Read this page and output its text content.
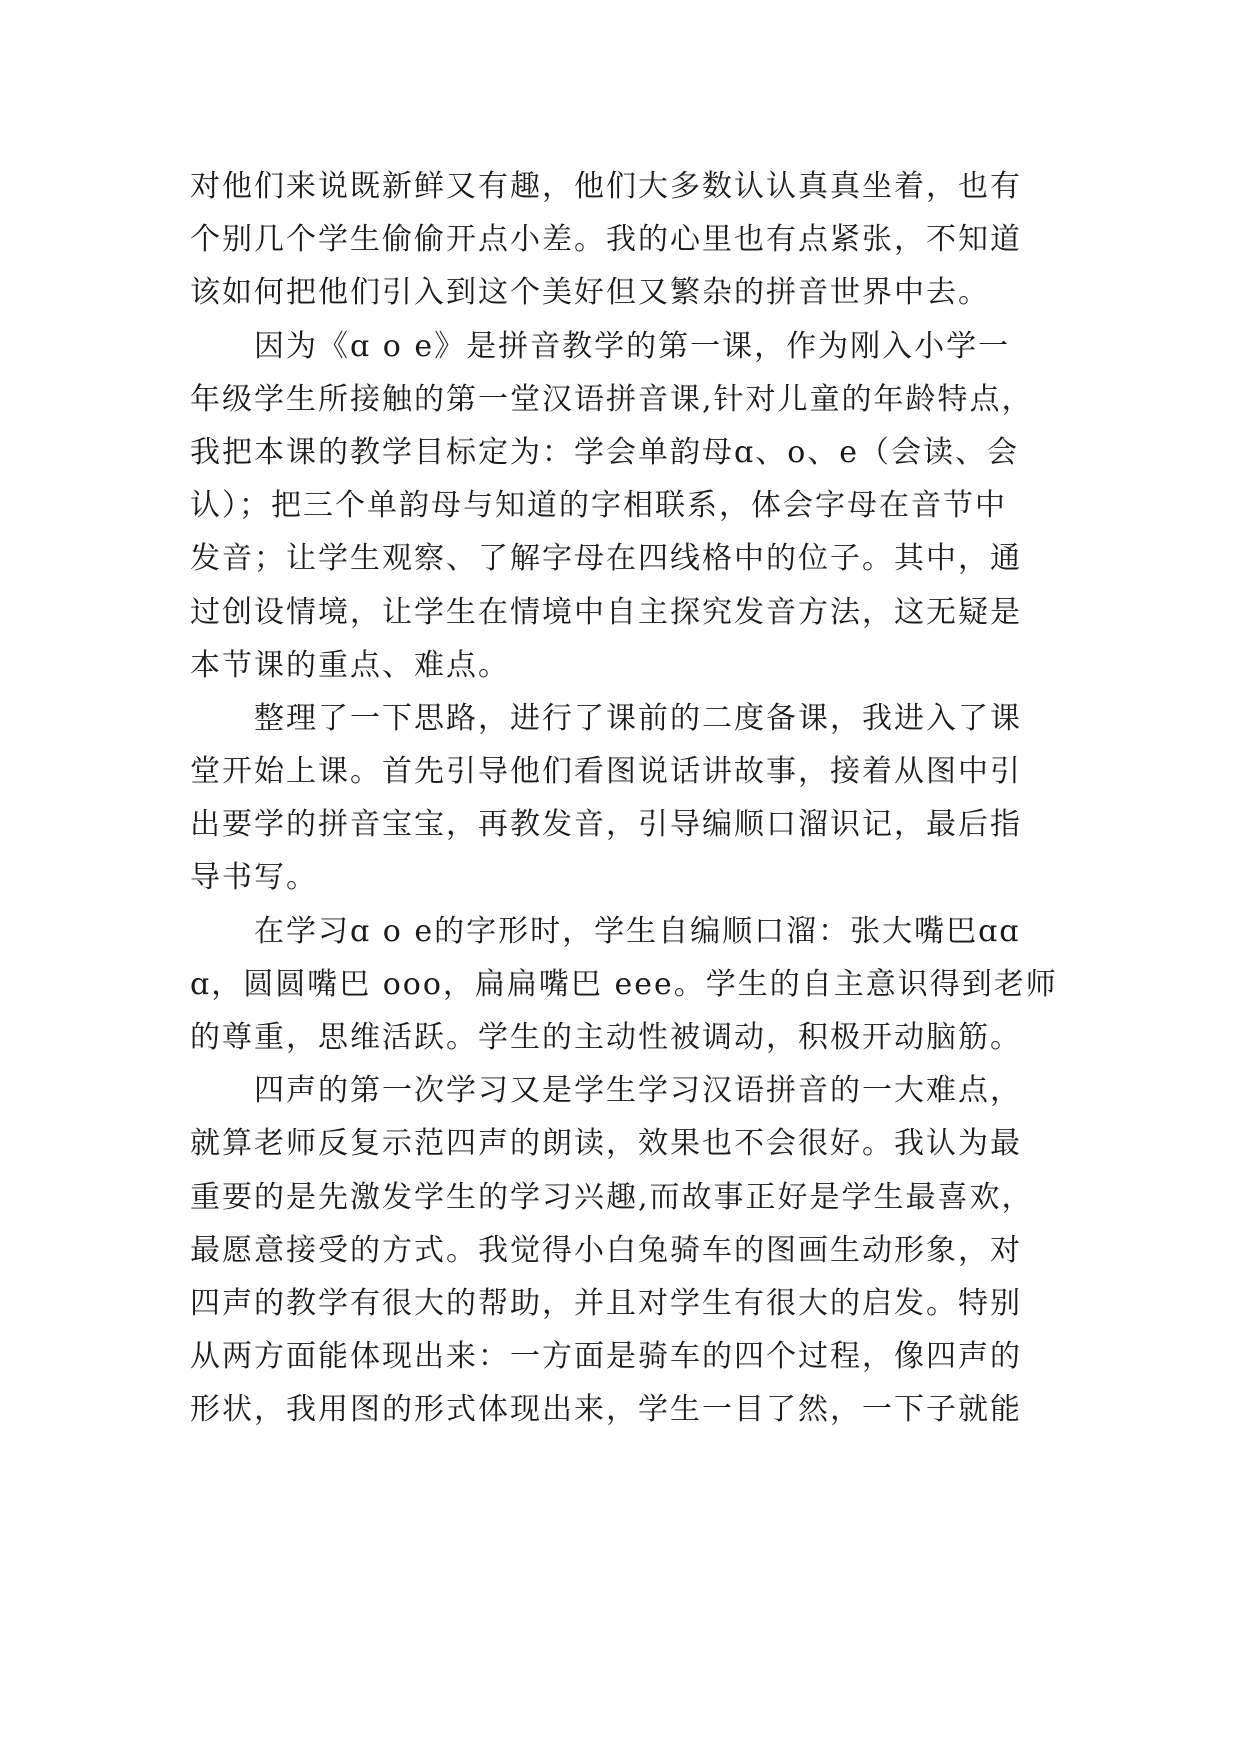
对他们来说既新鲜又有趣，他们大多数认认真真坐着，也有
个别几个学生偷偷开点小差。我的心里也有点紧张，不知道
该如何把他们引入到这个美好但又繁杂的拼音世界中去。
因为《ɑ o e》是拼音教学的第一课，作为刚入小学一
年级学生所接触的第一堂汉语拼音课,针对儿童的年龄特点，
我把本课的教学目标定为：学会单韵母ɑ、o、e（会读、会
认）；把三个单韵母与知道的字相联系，体会字母在音节中
发音；让学生观察、了解字母在四线格中的位子。其中，通
过创设情境，让学生在情境中自主探究发音方法，这无疑是
本节课的重点、难点。
整理了一下思路，进行了课前的二度备课，我进入了课
堂开始上课。首先引导他们看图说话讲故事，接着从图中引
出要学的拼音宝宝，再教发音，引导编顺口溜识记，最后指
导书写。
在学习ɑ o e的字形时，学生自编顺口溜：张大嘴巴ɑɑ
ɑ，圆圆嘴巴 ooo，扁扁嘴巴 eee。学生的自主意识得到老师
的尊重，思维活跃。学生的主动性被调动，积极开动脑筋。
四声的第一次学习又是学生学习汉语拼音的一大难点，
就算老师反复示范四声的朗读，效果也不会很好。我认为最
重要的是先激发学生的学习兴趣,而故事正好是学生最喜欢，
最愿意接受的方式。我觉得小白兔骑车的图画生动形象，对
四声的教学有很大的帮助，并且对学生有很大的启发。特别
从两方面能体现出来：一方面是骑车的四个过程，像四声的
形状，我用图的形式体现出来，学生一目了然，一下子就能
